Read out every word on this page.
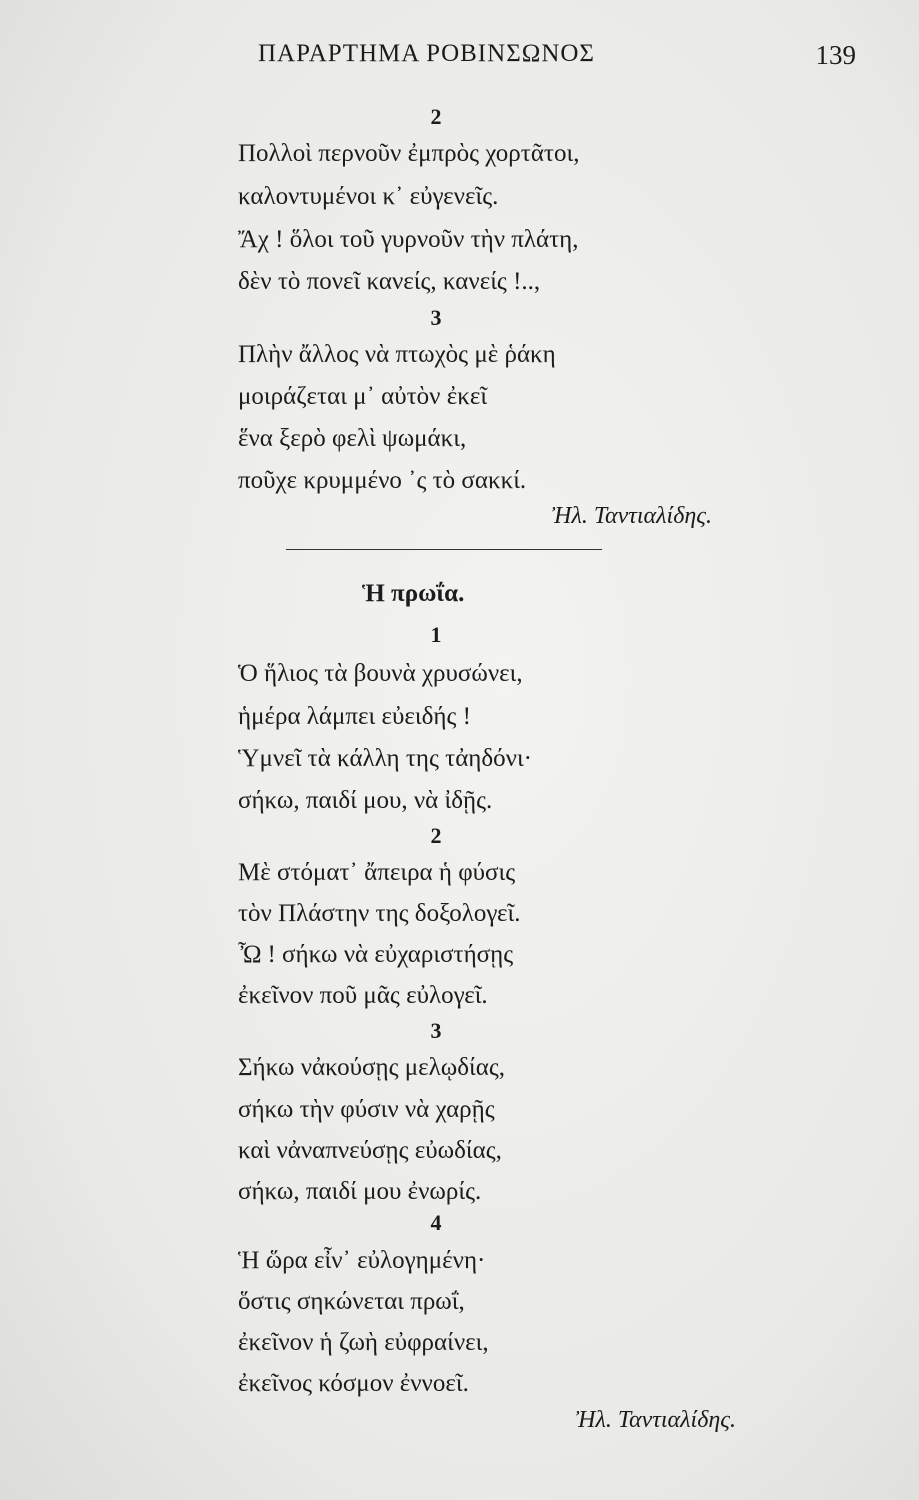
ΠΑΡΑΡΤΗΜΑ ΡΟΒΙΝΣΩΝΟΣ	139
2
Πολλοὶ περνοῦν ἐμπρὸς χορτᾶτοι,
καλοντυμένοι κ᾽ εὐγενεῖς.
Ἄχ ! ὅλοι τοῦ γυρνοῦν τὴν πλάτη,
δὲν τὸ πονεῖ κανείς, κανείς !..,
3
Πλὴν ἄλλος νὰ πτωχὸς μὲ ῥάκη
μοιράζεται μ᾽ αὐτὸν ἐκεῖ
ἕνα ξερὸ φελὶ ψωμάκι,
ποῦχε κρυμμένο ᾽ς τὸ σακκί.
Ἠλ. Ταντιαλίδης.
Ἡ πρωΐα.
1
Ὁ ἥλιος τὰ βουνὰ χρυσώνει,
ἡμέρα λάμπει εὐειδής !
Ὑμνεῖ τὰ κάλλη της τἀηδόνι·
σήκω, παιδί μου, νὰ ἰδῇς.
2
Μὲ στόματ᾽ ἄπειρα ἡ φύσις
τὸν Πλάστην της δοξολογεῖ.
Ὦ ! σήκω νὰ εὐχαριστήσῃς
ἐκεῖνον ποῦ μᾶς εὐλογεῖ.
3
Σήκω νἀκούσῃς μελῳδίας,
σήκω τὴν φύσιν νὰ χαρῇς
καὶ νἀναπνεύσῃς εὐωδίας,
σήκω, παιδί μου ἐνωρίς.
4
Ἡ ὥρα εἶν᾽ εὐλογημένη·
ὅστις σηκώνεται πρωΐ,
ἐκεῖνον ἡ ζωὴ εὐφραίνει,
ἐκεῖνος κόσμον ἐννοεῖ.
Ἠλ. Ταντιαλίδης.
